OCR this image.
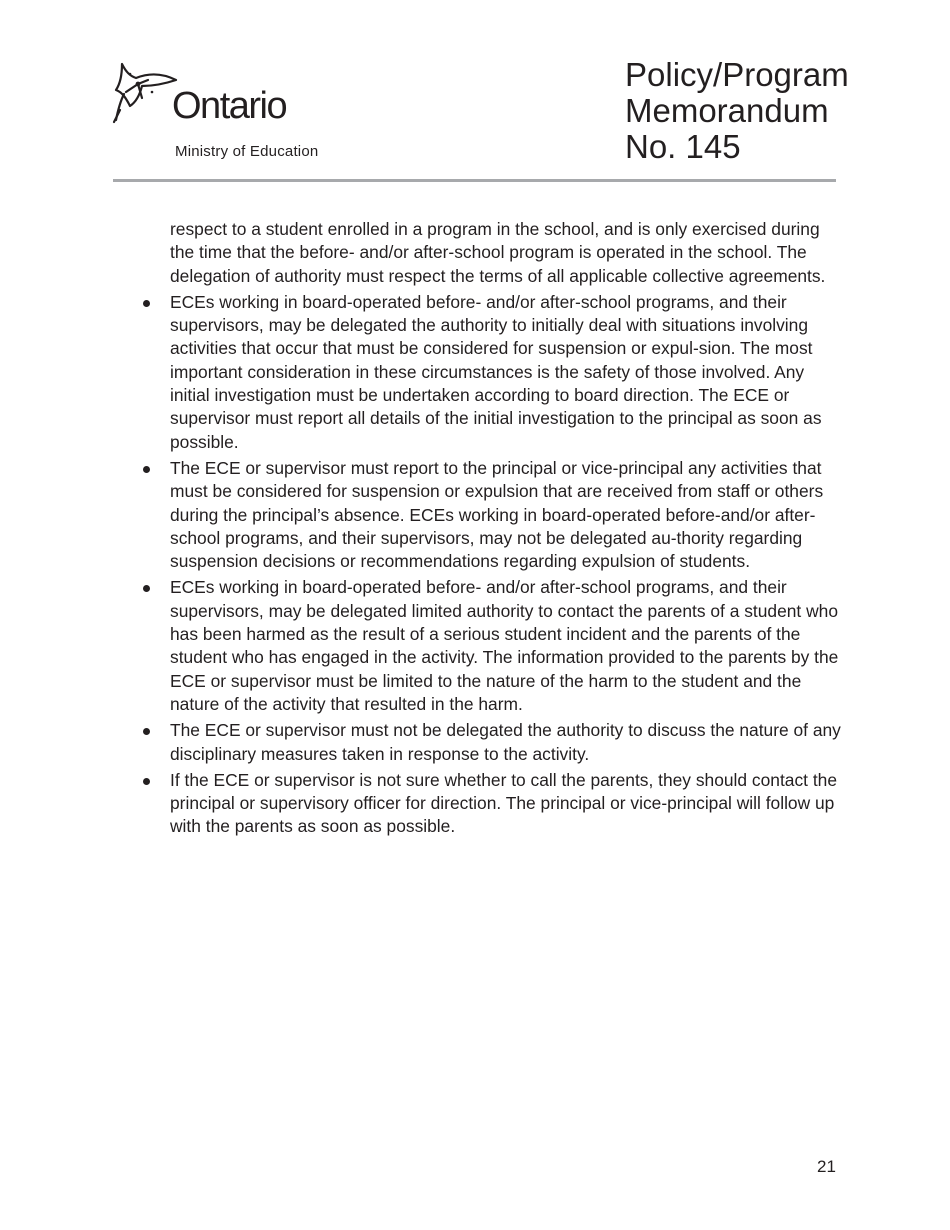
Ontario
Ministry of Education
Policy/Program
Memorandum
No. 145

respect to a student enrolled in a program in the school, and is only exercised during the time that the before- and/or after-school program is operated in the school. The delegation of authority must respect the terms of all applicable collective agreements.

ECEs working in board-operated before- and/or after-school programs, and their supervisors, may be delegated the authority to initially deal with situations involving activities that occur that must be considered for suspension or expul-sion. The most important consideration in these circumstances is the safety of those involved. Any initial investigation must be undertaken according to board direction. The ECE or supervisor must report all details of the initial investigation to the principal as soon as possible.
The ECE or supervisor must report to the principal or vice-principal any activities that must be considered for suspension or expulsion that are received from staff or others during the principal’s absence. ECEs working in board-operated before-and/or after-school programs, and their supervisors, may not be delegated au-thority regarding suspension decisions or recommendations regarding expulsion of students.
ECEs working in board-operated before- and/or after-school programs, and their supervisors, may be delegated limited authority to contact the parents of a student who has been harmed as the result of a serious student incident and the parents of the student who has engaged in the activity. The information provided to the parents by the ECE or supervisor must be limited to the nature of the harm to the student and the nature of the activity that resulted in the harm.
The ECE or supervisor must not be delegated the authority to discuss the nature of any disciplinary measures taken in response to the activity.
If the ECE or supervisor is not sure whether to call the parents, they should contact the principal or supervisory officer for direction. The principal or vice-principal will follow up with the parents as soon as possible.
21
